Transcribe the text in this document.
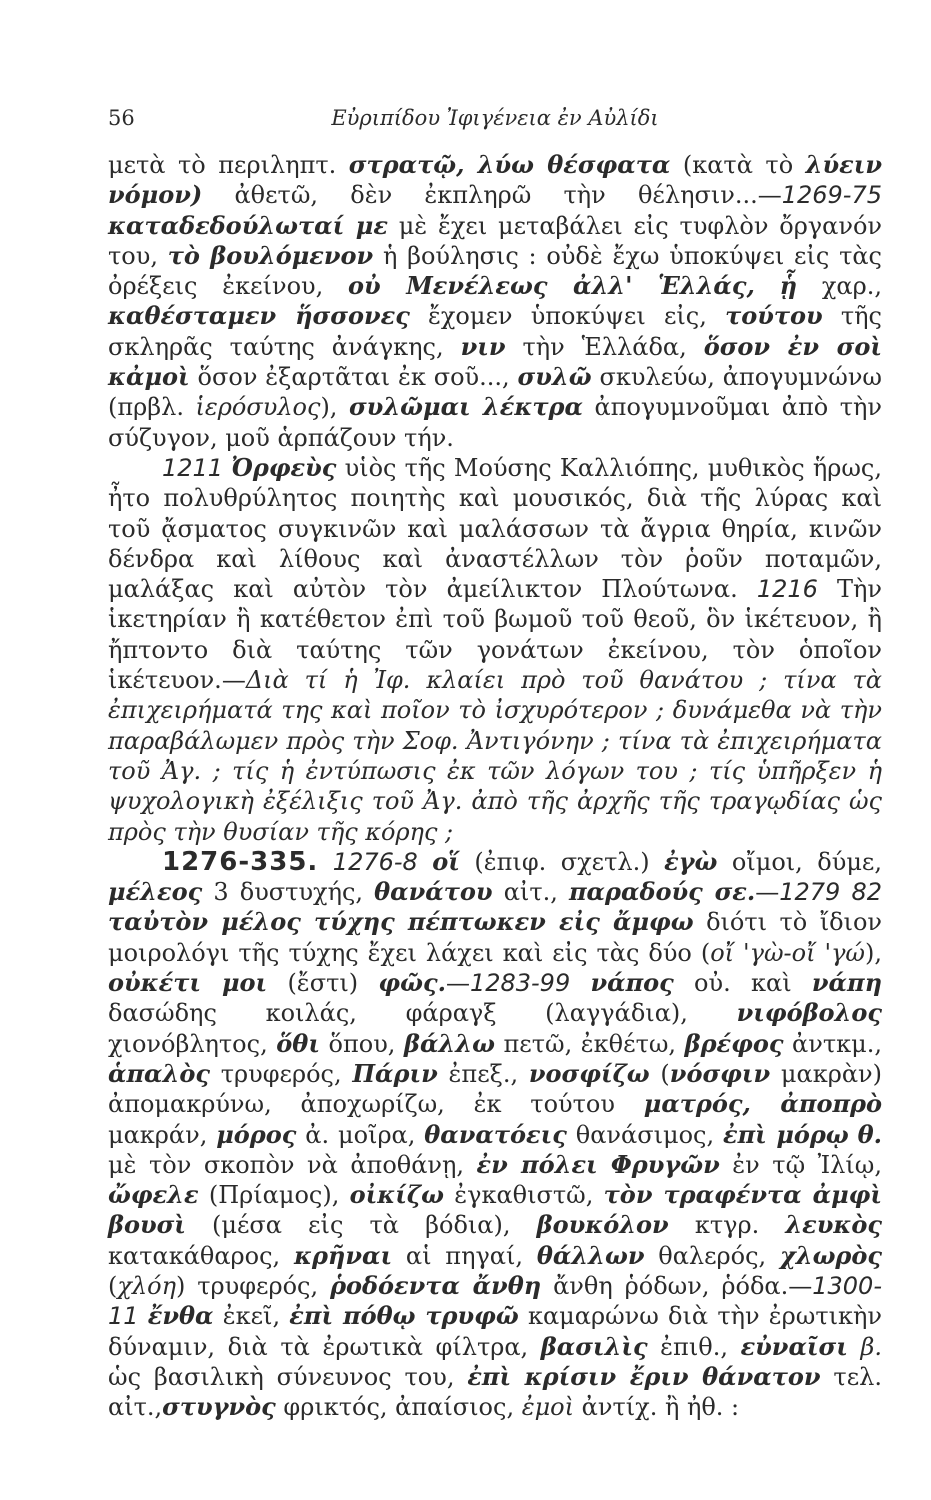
56	Εὐριπίδου Ἰφιγένεια ἐν Αὐλίδι

μετὰ τὸ περιληπτ. στρατῷ, λύω θέσφατα (κατὰ τὸ λύειν νόμον) ἀθετῶ, δὲν ἐκπληρῶ τὴν θέλησιν...—1269-75 καταδεδούλωταί με μὲ ἔχει μεταβάλει εἰς τυφλὸν ὄργανόν του, τὸ βουλόμενον ἡ βούλησις : οὐδὲ ἔχω ὑποκύψει εἰς τὰς ὀρέξεις ἐκείνου, οὐ Μενέλεως ἀλλ' Ἑλλάς, ᾗ χαρ., καθέσταμεν ἥσσονες ἔχομεν ὑποκύψει εἰς, τούτου τῆς σκληρᾶς ταύτης ἀνάγκης, νιν τὴν Ἑλλάδα, ὅσον ἐν σοὶ κἀμοὶ ὅσον ἐξαρτᾶται ἐκ σοῦ..., συλῶ σκυλεύω, ἀπογυμνώνω (πρβλ. ἱερόσυλος), συλῶμαι λέκτρα ἀπογυμνοῦμαι ἀπὸ τὴν σύζυγον, μοῦ ἁρπάζουν τήν.

1211 Ὀρφεὺς υἱὸς τῆς Μούσης Καλλιόπης, μυθικὸς ἥρως, ἦτο πολυθρύλητος ποιητὴς καὶ μουσικός, διὰ τῆς λύρας καὶ τοῦ ᾄσματος συγκινῶν καὶ μαλάσσων τὰ ἄγρια θηρία, κινῶν δένδρα καὶ λίθους καὶ ἀναστέλλων τὸν ῥοῦν ποταμῶν, μαλάξας καὶ αὐτὸν τὸν ἀμείλικτον Πλούτωνα. 1216 Τὴν ἱκετηρίαν ἢ κατέθετον ἐπὶ τοῦ βωμοῦ τοῦ θεοῦ, ὃν ἱκέτευον, ἢ ἤπτοντο διὰ ταύτης τῶν γονάτων ἐκείνου, τὸν ὁποῖον ἱκέτευον.—Διὰ τί ἡ Ἰφ. κλαίει πρὸ τοῦ θανάτου ; τίνα τὰ ἐπιχειρήματά της καὶ ποῖον τὸ ἰσχυρότερον ; δυνάμεθα νὰ τὴν παραβάλωμεν πρὸς τὴν Σοφ. Ἀντιγόνην ; τίνα τὰ ἐπιχειρήματα τοῦ Ἀγ. ; τίς ἡ ἐντύπωσις ἐκ τῶν λόγων του ; τίς ὑπῆρξεν ἡ ψυχολογικὴ ἐξέλιξις τοῦ Ἀγ. ἀπὸ τῆς ἀρχῆς τῆς τραγῳδίας ὡς πρὸς τὴν θυσίαν τῆς κόρης ;

1276-335. 1276-8 οἵ (ἐπιφ. σχετλ.) ἐγὼ οἴμοι, δύμε, μέλεος 3 δυστυχής, θανάτου αἰτ., παραδούς σε.—1279 82 ταὐτὸν μέλος τύχης πέπτωκεν εἰς ἄμφω διότι τὸ ἴδιον μοιρολόγι τῆς τύχης ἔχει λάχει καὶ εἰς τὰς δύο (οἴ 'γὼ-οἴ 'γώ), οὐκέτι μοι (ἔστι) φῶς.—1283-99 νάπος οὐ. καὶ νάπη δασώδης κοιλάς, φάραγξ (λαγγάδια), νιφόβολος χιονόβλητος, ὅθι ὅπου, βάλλω πετῶ, ἐκθέτω, βρέφος ἀντκμ., ἁπαλὸς τρυφερός, Πάριν ἐπεξ., νοσφίζω (νόσφιν μακρὰν) ἀπομακρύνω, ἀποχωρίζω, ἐκ τούτου ματρός, ἀποπρὸ μακράν, μόρος ἀ. μοῖρα, θανατόεις θανάσιμος, ἐπὶ μόρῳ θ. μὲ τὸν σκοπὸν νὰ ἀποθάνῃ, ἐν πόλει Φρυγῶν ἐν τῷ Ἰλίῳ, ὤφελε (Πρίαμος), οἰκίζω ἐγκαθιστῶ, τὸν τραφέντα ἀμφὶ βουσὶ (μέσα εἰς τὰ βόδια), βουκόλον κτγρ. λευκὸς κατακάθαρος, κρῆναι αἱ πηγαί, θάλλων θαλερός, χλωρὸς (χλόη) τρυφερός, ῥοδόεντα ἄνθη ἄνθη ῥόδων, ῥόδα.—1300-11 ἔνθα ἐκεῖ, ἐπὶ πόθῳ τρυφῶ καμαρώνω διὰ τὴν ἐρωτικὴν δύναμιν, διὰ τὰ ἐρωτικὰ φίλτρα, βασιλὶς ἐπιθ., εὐναῖσι β. ὡς βασιλικὴ σύνευνος του, ἐπὶ κρίσιν ἔριν θάνατον τελ. αἰτ.,στυγνὸς φρικτός, ἀπαίσιος, ἐμοὶ ἀντίχ. ἢ ἠθ. :
